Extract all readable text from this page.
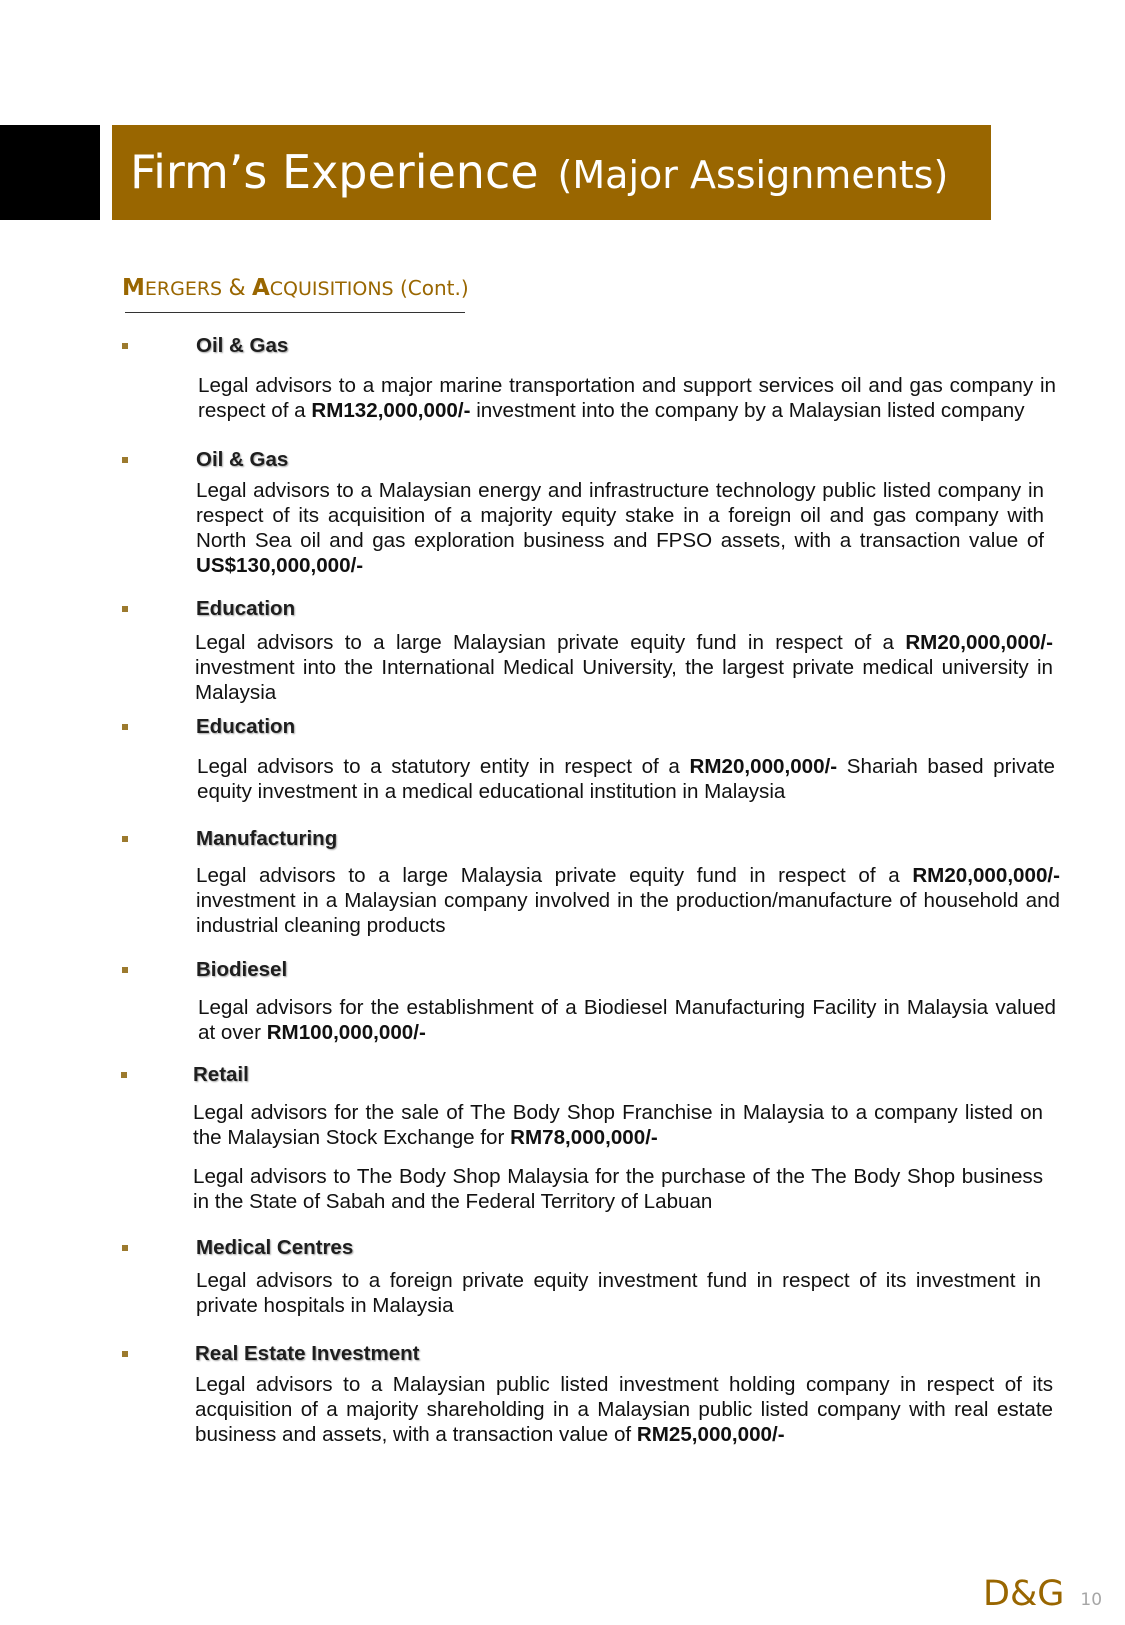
Firm’s Experience (Major Assignments)
MERGERS & ACQUISITIONS (Cont.)
Oil & Gas

Legal advisors to a major marine transportation and support services oil and gas company in respect of a RM132,000,000/- investment into the company by a Malaysian listed company

Oil & Gas

Legal advisors to a Malaysian energy and infrastructure technology public listed company in respect of its acquisition of a majority equity stake in a foreign oil and gas company with North Sea oil and gas exploration business and FPSO assets, with a transaction value of US$130,000,000/-

Education

Legal advisors to a large Malaysian private equity fund in respect of a RM20,000,000/- investment into the International Medical University, the largest private medical university in Malaysia

Education

Legal advisors to a statutory entity in respect of a RM20,000,000/- Shariah based private equity investment in a medical educational institution in Malaysia

Manufacturing

Legal advisors to a large Malaysia private equity fund in respect of a RM20,000,000/- investment in a Malaysian company involved in the production/manufacture of household and industrial cleaning products

Biodiesel

Legal advisors for the establishment of a Biodiesel Manufacturing Facility in Malaysia valued at over RM100,000,000/-

Retail

Legal advisors for the sale of The Body Shop Franchise in Malaysia to a company listed on the Malaysian Stock Exchange for RM78,000,000/-

Legal advisors to The Body Shop Malaysia for the purchase of the The Body Shop business in the State of Sabah and the Federal Territory of Labuan

Medical Centres

Legal advisors to a foreign private equity investment fund in respect of its investment in private hospitals in Malaysia

Real Estate Investment

Legal advisors to a Malaysian public listed investment holding company in respect of its acquisition of a majority shareholding in a Malaysian public listed company with real estate business and assets, with a transaction value of RM25,000,000/-

D&G 10
